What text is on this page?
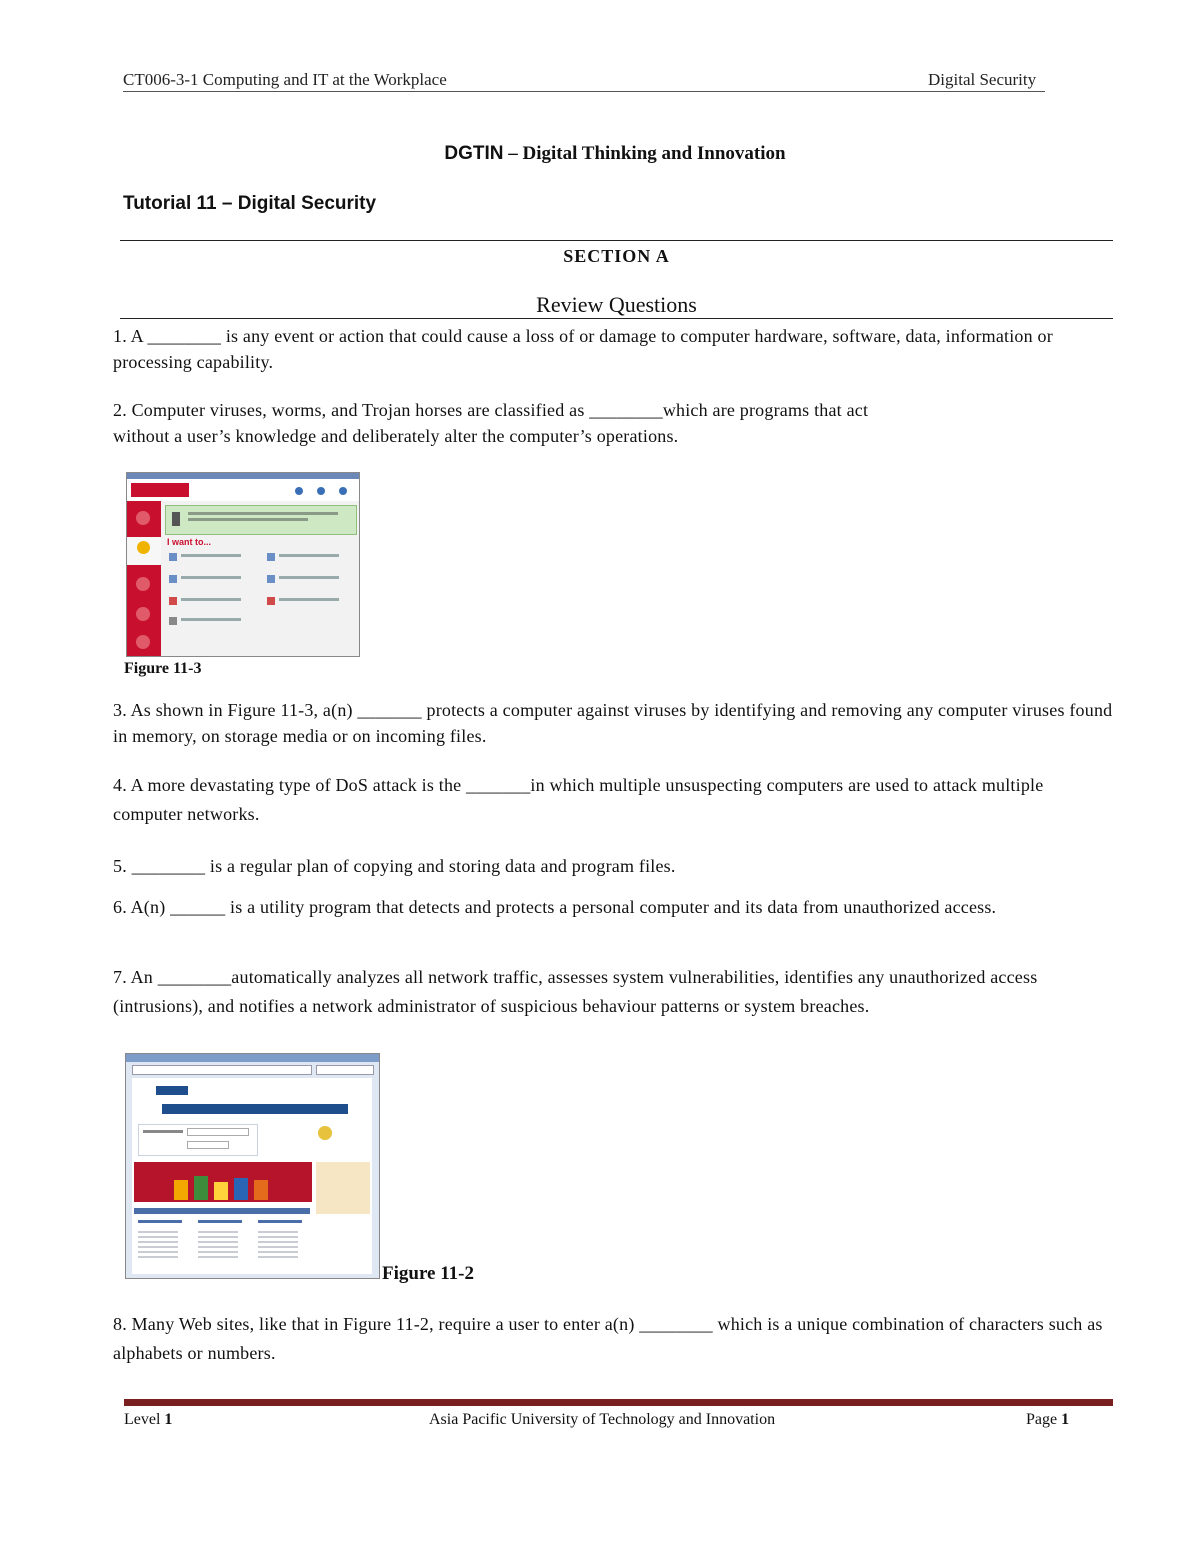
CT006-3-1 Computing and IT at the Workplace	Digital Security
DGTIN – Digital Thinking and Innovation
Tutorial 11 – Digital Security
SECTION A
Review Questions
1. A ________ is any event or action that could cause a loss of or damage to computer hardware, software, data, information or processing capability.
2. Computer viruses, worms, and Trojan horses are classified as ________which are programs that act
without a user’s knowledge and deliberately alter the computer’s operations.
I want to...
Figure 11-3
3. As shown in Figure 11-3, a(n) _______ protects a computer against viruses by identifying and removing any computer viruses found in memory, on storage media or on incoming files.
4. A more devastating type of DoS attack is the _______in which multiple unsuspecting computers are used to attack multiple computer networks.
5. ________ is a regular plan of copying and storing data and program files.
6. A(n) ______ is a utility program that detects and protects a personal computer and its data from unauthorized access.
7. An ________automatically analyzes all network traffic, assesses system vulnerabilities, identifies any unauthorized access (intrusions), and notifies a network administrator of suspicious behaviour patterns or system breaches.
Figure 11-2
8. Many Web sites, like that in Figure 11-2, require a user to enter a(n) ________ which is a unique combination of characters such as alphabets or numbers.
Level 1	Asia Pacific University of Technology and Innovation	Page 1
